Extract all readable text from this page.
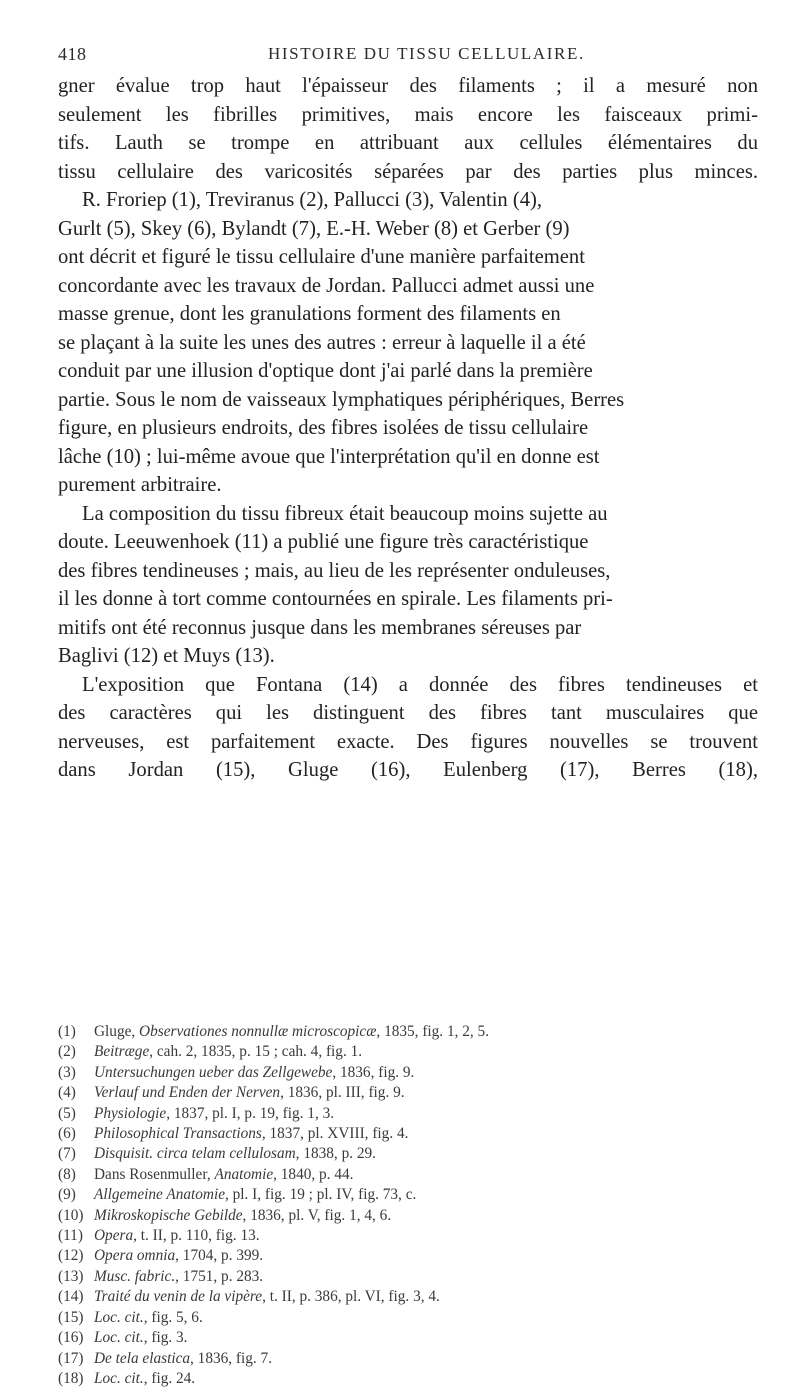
418	HISTOIRE DU TISSU CELLULAIRE.

gner évalue trop haut l'épaisseur des filaments ; il a mesuré non
seulement les fibrilles primitives, mais encore les faisceaux primi-
tifs. Lauth se trompe en attribuant aux cellules élémentaires du
tissu cellulaire des varicosités séparées par des parties plus minces.

R. Froriep (1), Treviranus (2), Pallucci (3), Valentin (4),
Gurlt (5), Skey (6), Bylandt (7), E.-H. Weber (8) et Gerber (9)
ont décrit et figuré le tissu cellulaire d'une manière parfaitement
concordante avec les travaux de Jordan. Pallucci admet aussi une
masse grenue, dont les granulations forment des filaments en
se plaçant à la suite les unes des autres : erreur à laquelle il a été
conduit par une illusion d'optique dont j'ai parlé dans la première
partie. Sous le nom de vaisseaux lymphatiques périphériques, Berres
figure, en plusieurs endroits, des fibres isolées de tissu cellulaire
lâche (10) ; lui-même avoue que l'interprétation qu'il en donne est
purement arbitraire.

La composition du tissu fibreux était beaucoup moins sujette au
doute. Leeuwenhoek (11) a publié une figure très caractéristique
des fibres tendineuses ; mais, au lieu de les représenter onduleuses,
il les donne à tort comme contournées en spirale. Les filaments pri-
mitifs ont été reconnus jusque dans les membranes séreuses par
Baglivi (12) et Muys (13).

L'exposition que Fontana (14) a donnée des fibres tendineuses et
des caractères qui les distinguent des fibres tant musculaires que
nerveuses, est parfaitement exacte. Des figures nouvelles se trouvent
dans Jordan (15), Gluge (16), Eulenberg (17), Berres (18),

(1)	Gluge, Observationes nonnullæ microscopicæ, 1835, fig. 1, 2, 5.
(2)	Beitræge, cah. 2, 1835, p. 15 ; cah. 4, fig. 1.
(3)	Untersuchungen ueber das Zellgewebe, 1836, fig. 9.
(4)	Verlauf und Enden der Nerven, 1836, pl. III, fig. 9.
(5)	Physiologie, 1837, pl. I, p. 19, fig. 1, 3.
(6)	Philosophical Transactions, 1837, pl. XVIII, fig. 4.
(7)	Disquisit. circa telam cellulosam, 1838, p. 29.
(8)	Dans Rosenmuller, Anatomie, 1840, p. 44.
(9)	Allgemeine Anatomie, pl. I, fig. 19 ; pl. IV, fig. 73, c.
(10) Mikroskopische Gebilde, 1836, pl. V, fig. 1, 4, 6.
(11) Opera, t. II, p. 110, fig. 13.
(12) Opera omnia, 1704, p. 399.
(13) Musc. fabric., 1751, p. 283.
(14) Traité du venin de la vipère, t. II, p. 386, pl. VI, fig. 3, 4.
(15) Loc. cit., fig. 5, 6.
(16) Loc. cit., fig. 3.
(17) De tela elastica, 1836, fig. 7.
(18) Loc. cit., fig. 24.
